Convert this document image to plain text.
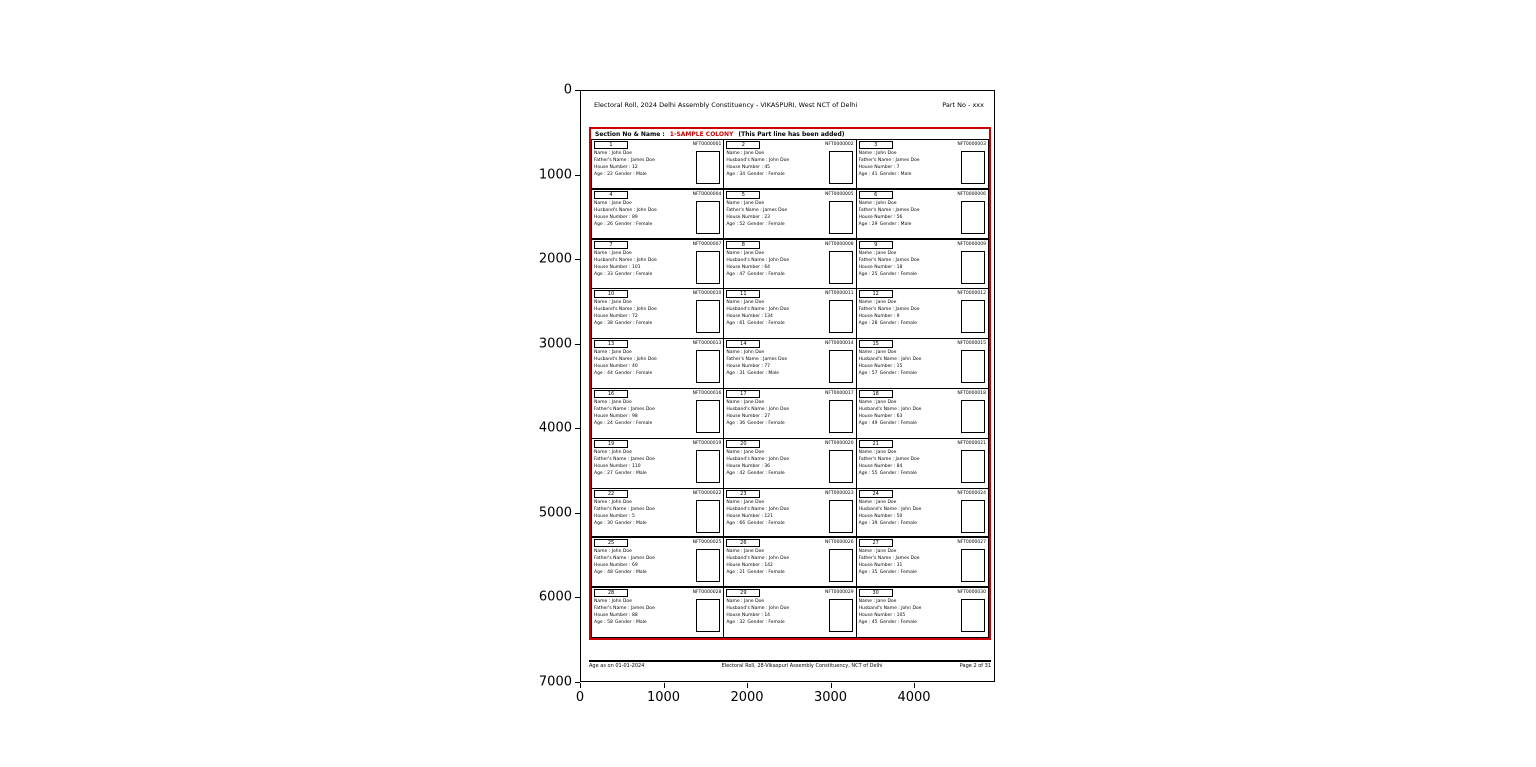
Electoral Roll, 2024 Delhi Assembly Constituency - VIKASPURI, West NCT of Delhi	Part No - xxx
Section No & Name : 1-SAMPLE COLONY (This Part line has been added)
1	NFT0000001
Name : John Doe
Father's Name : James Doe
House Number : 12
Age : 22 Gender : Male
2	NFT0000002
Name : Jane Doe
Husband's Name : John Doe
House Number : 45
Age : 34 Gender : Female
3	NFT0000003
Name : John Doe
Father's Name : James Doe
House Number : 7
Age : 41 Gender : Male
4	NFT0000004
Name : Jane Doe
Husband's Name : John Doe
House Number : 89
Age : 26 Gender : Female
5	NFT0000005
Name : Jane Doe
Father's Name : James Doe
House Number : 23
Age : 52 Gender : Female
6	NFT0000006
Name : John Doe
Father's Name : James Doe
House Number : 56
Age : 29 Gender : Male
7	NFT0000007
Name : Jane Doe
Husband's Name : John Doe
House Number : 101
Age : 33 Gender : Female
8	NFT0000008
Name : Jane Doe
Husband's Name : John Doe
House Number : 64
Age : 47 Gender : Female
9	NFT0000009
Name : Jane Doe
Father's Name : James Doe
House Number : 18
Age : 25 Gender : Female
10	NFT0000010
Name : Jane Doe
Husband's Name : John Doe
House Number : 72
Age : 38 Gender : Female
11	NFT0000011
Name : Jane Doe
Husband's Name : John Doe
House Number : 134
Age : 61 Gender : Female
12	NFT0000012
Name : Jane Doe
Father's Name : James Doe
House Number : 9
Age : 28 Gender : Female
13	NFT0000013
Name : Jane Doe
Husband's Name : John Doe
House Number : 40
Age : 44 Gender : Female
14	NFT0000014
Name : John Doe
Father's Name : James Doe
House Number : 77
Age : 31 Gender : Male
15	NFT0000015
Name : Jane Doe
Husband's Name : John Doe
House Number : 15
Age : 57 Gender : Female
16	NFT0000016
Name : Jane Doe
Father's Name : James Doe
House Number : 98
Age : 24 Gender : Female
17	NFT0000017
Name : Jane Doe
Husband's Name : John Doe
House Number : 27
Age : 36 Gender : Female
18	NFT0000018
Name : Jane Doe
Husband's Name : John Doe
House Number : 63
Age : 49 Gender : Female
19	NFT0000019
Name : John Doe
Father's Name : James Doe
House Number : 110
Age : 27 Gender : Male
20	NFT0000020
Name : Jane Doe
Husband's Name : John Doe
House Number : 36
Age : 42 Gender : Female
21	NFT0000021
Name : Jane Doe
Father's Name : James Doe
House Number : 84
Age : 55 Gender : Female
22	NFT0000022
Name : John Doe
Father's Name : James Doe
House Number : 5
Age : 30 Gender : Male
23	NFT0000023
Name : Jane Doe
Husband's Name : John Doe
House Number : 121
Age : 66 Gender : Female
24	NFT0000024
Name : Jane Doe
Husband's Name : John Doe
House Number : 50
Age : 39 Gender : Female
25	NFT0000025
Name : John Doe
Father's Name : James Doe
House Number : 69
Age : 48 Gender : Male
26	NFT0000026
Name : Jane Doe
Husband's Name : John Doe
House Number : 142
Age : 21 Gender : Female
27	NFT0000027
Name : Jane Doe
Father's Name : James Doe
House Number : 31
Age : 35 Gender : Female
28	NFT0000028
Name : John Doe
Father's Name : James Doe
House Number : 88
Age : 58 Gender : Male
29	NFT0000029
Name : Jane Doe
Husband's Name : John Doe
House Number : 14
Age : 32 Gender : Female
30	NFT0000030
Name : Jane Doe
Husband's Name : John Doe
House Number : 105
Age : 45 Gender : Female
Age as on 01-01-2024	Electoral Roll, 28-Vikaspuri Assembly Constituency, NCT of Delhi	Page 2 of 31
0
1000
2000
3000
4000
5000
6000
7000
0	1000	2000	3000	4000
